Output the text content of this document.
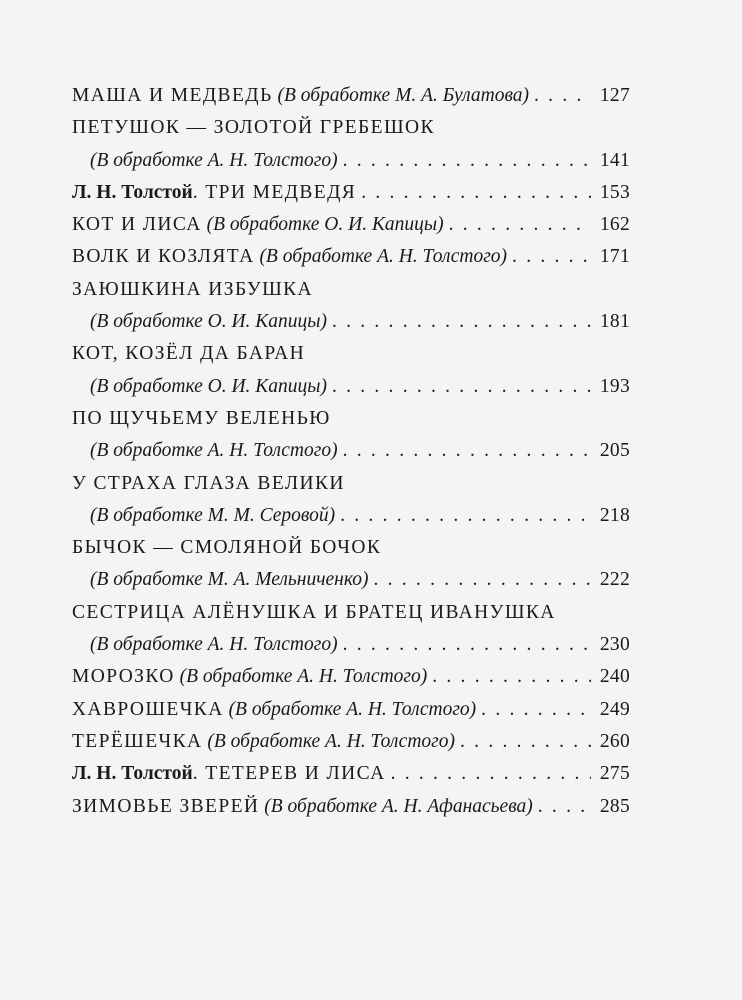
МАША И МЕДВЕДЬ
(В обработке М. А. Булатова) . . .	127
ПЕТУШОК — ЗОЛОТОЙ ГРЕБЕШОК
(В обработке А. Н. Толстого) . . .	141
Л. Н. Толстой . ТРИ МЕДВЕДЯ . . .	153
КОТ И ЛИСА
(В обработке О. И. Капицы) . . .	162
ВОЛК И КОЗЛЯТА
(В обработке А. Н. Толстого) . . .	171
ЗАЮШКИНА ИЗБУШКА
(В обработке О. И. Капицы) . . .	181
КОТ, КОЗЁЛ ДА БАРАН
(В обработке О. И. Капицы) . . .	193
ПО ЩУЧЬЕМУ ВЕЛЕНЬЮ
(В обработке А. Н. Толстого) . . .	205
У СТРАХА ГЛАЗА ВЕЛИКИ
(В обработке М. М. Серовой) . . .	218
БЫЧОК — СМОЛЯНОЙ БОЧОК
(В обработке М. А. Мельниченко) . . .	222
СЕСТРИЦА АЛЁНУШКА И БРАТЕЦ ИВАНУШКА
(В обработке А. Н. Толстого) . . .	230
МОРОЗКО
(В обработке А. Н. Толстого) . . .	240
ХАВРОШЕЧКА
(В обработке А. Н. Толстого) . . .	249
ТЕРЁШЕЧКА
(В обработке А. Н. Толстого) . . .	260
Л. Н. Толстой . ТЕТЕРЕВ И ЛИСА . . .	275
ЗИМОВЬЕ ЗВЕРЕЙ
(В обработке А. Н. Афанасьева) . . .	285
